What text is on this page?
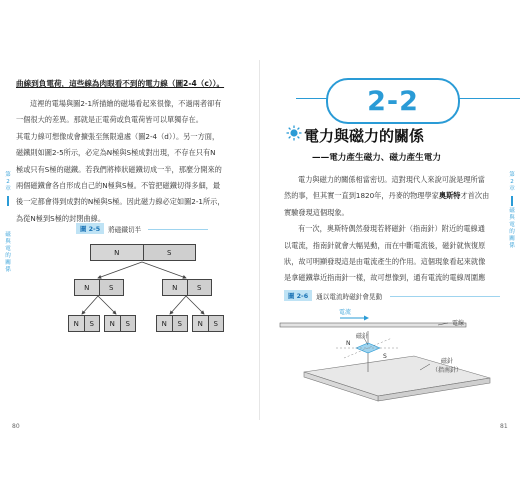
第2章
磁與電的關係
曲線到負電荷，這些線為肉眼看不到的電力線（圖2-4（c））。
這裡的電場與圖2-1所描繪的磁場看起來很像，不過兩者卻有
一個很大的差異。那就是正電荷或負電荷皆可以單獨存在。
其電力線可想像成會擴張至無限遠處（圖2-4（d））。另一方面，
磁鐵則如圖2-5所示，必定為N極與S極成對出現，不存在只有N
極或只有S極的磁鐵。若我們將棒狀磁鐵切成一半，那麼分開來的
兩個磁鐵會各自形成自己的N極與S極。不管把磁鐵切得多細，最
後一定都會得到成對的N極與S極。因此磁力線必定如圖2-1所示，
為從N極到S極的封閉曲線。
圖 2-5	將磁鐵切半
N	S
N	S	N	S
N	S	N	S	N	S	N	S
80
2-2
電力與磁力的關係
——電力產生磁力、磁力產生電力
電力與磁力的關係相當密切。這對現代人來說可說是理所當
然的事，但其實一直到1820年，丹麥的物理學家奧斯特才首次由
實驗發現這個現象。
有一次，奧斯特偶然發現若將磁針（指南針）附近的電線通
以電流，指南針就會大幅晃動，而在中斷電流後，磁針就恢復原
狀，故可明顯發現這是由電流產生的作用。這個現象看起來就像
是拿磁鐵靠近指南針一樣，故可想像到，通有電流的電線周圍應
圖 2-6	通以電流時磁針會晃動
電流
電線
磁針
N
S
磁針
（指南針）
第2章
磁與電的關係
81
